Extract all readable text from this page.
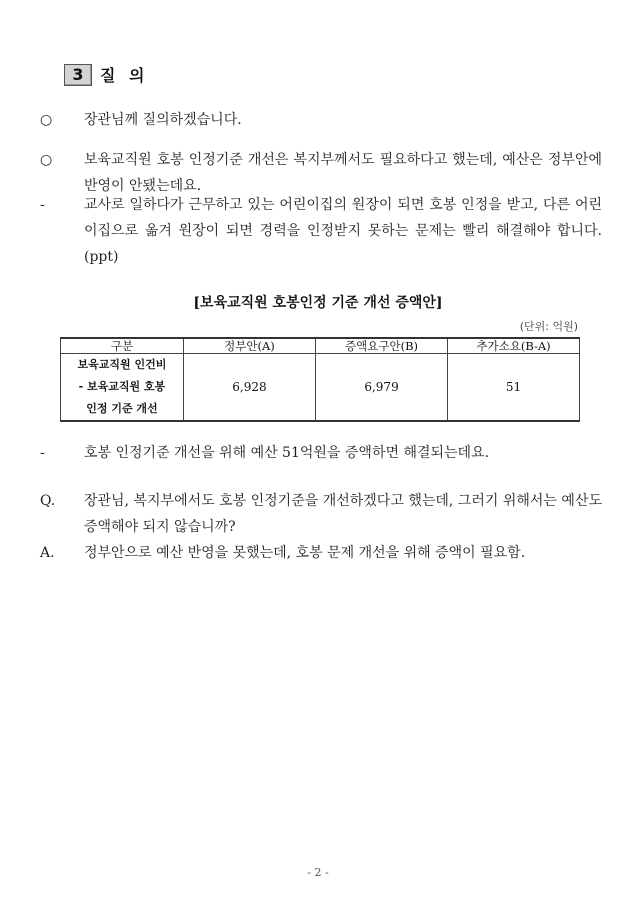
3	질 의
○ 장관님께 질의하겠습니다.
○ 보육교직원 호봉 인정기준 개선은 복지부께서도 필요하다고 했는데, 예산은 정부안에 반영이 안됐는데요.
-	교사로 일하다가 근무하고 있는 어린이집의 원장이 되면 호봉 인정을 받고, 다른 어린이집으로 옮겨 원장이 되면 경력을 인정받지 못하는 문제는 빨리 해결해야 합니다.(ppt)
[보육교직원 호봉인정 기준 개선 증액안]
(단위: 억원)
구분	정부안(A)	증액요구안(B)	추가소요(B-A)

보육교직원 인건비
- 보육교직원 호봉
인정 기준 개선	6,928	6,979	51
-	호봉 인정기준 개선을 위해 예산 51억원을 증액하면 해결되는데요.
Q. 장관님, 복지부에서도 호봉 인정기준을 개선하겠다고 했는데, 그러기 위해서는 예산도 증액해야 되지 않습니까?
A. 정부안으로 예산 반영을 못했는데, 호봉 문제 개선을 위해 증액이 필요함.
- 2 -
